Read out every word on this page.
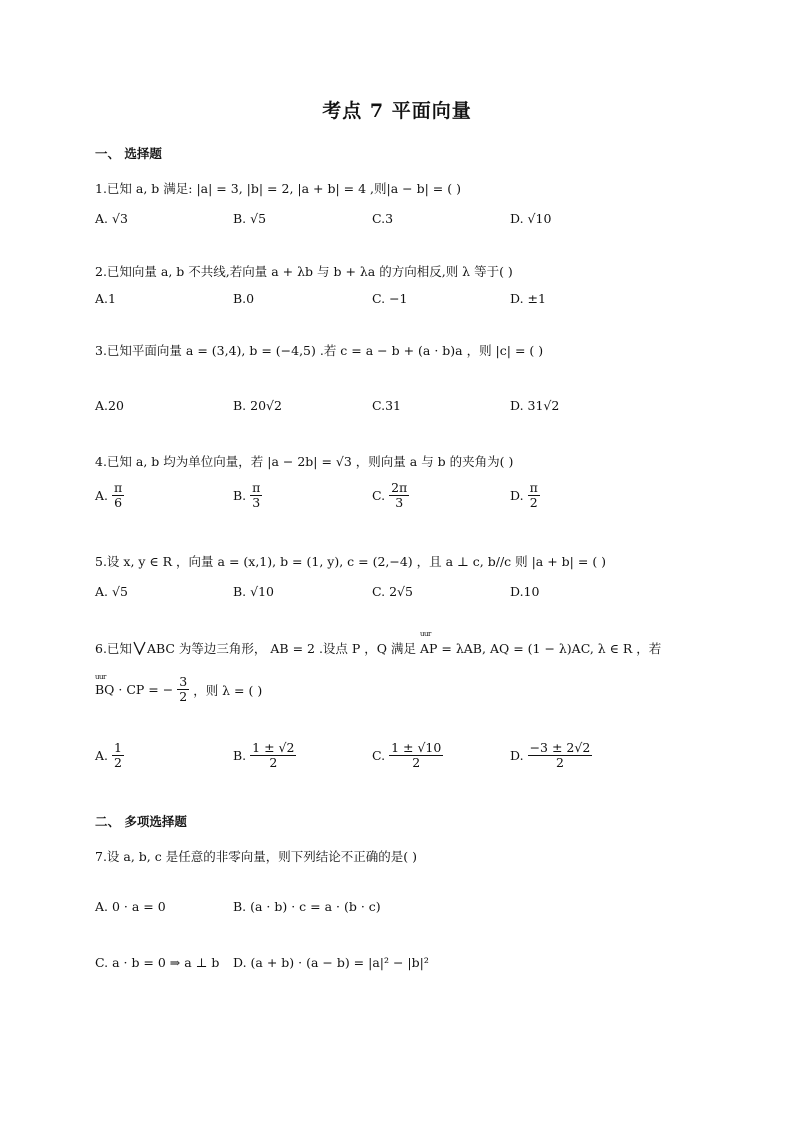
考点 7 平面向量
一、 选择题
1.已知 a, b 满足: |a| = 3, |b| = 2, |a + b| = 4 ,则|a − b| = ( )
A. √3	B. √5	C.3	D. √10
2.已知向量 a, b 不共线,若向量 a + λb 与 b + λa 的方向相反,则 λ 等于( )
A.1	B.0	C. −1	D. ±1
3.已知平面向量 a = (3,4), b = (−4,5) .若 c = a − b + (a · b)a ，则 |c| = ( )
A.20	B. 20√2	C.31	D. 31√2
4.已知 a, b 均为单位向量，若 |a − 2b| = √3 ，则向量 a 与 b 的夹角为( )
A. $\frac{\pi}{6}$	B. $\frac{\pi}{3}$	C. $\frac{2\pi}{3}$	D. $\frac{\pi}{2}$
5.设 x, y ∈ R ，向量 a = (x,1), b = (1, y), c = (2,−4) ，且 a ⊥ c, b//c 则 |a + b| = ( )
A. √5	B. √10	C. 2√5	D.10
6.已知 ABC 为等边三角形， AB = 2 .设点 P ，Q 满足 uur AP = λAB, AQ = (1 − λ)AC, λ ∈ R ，若
uur BQ · CP = − $\frac{3}{2}$ ，则 λ = ( )
A. $\frac{1}{2}$	B. $\frac{1 \pm √2}{2}$	C. $\frac{1 \pm √10}{2}$	D. $\frac{-3 \pm 2√2}{2}$
二、 多项选择题
7.设 a, b, c 是任意的非零向量，则下列结论不正确的是( )
A. 0 · a = 0	B. (a · b) · c = a · (b · c)
C. a · b = 0 ⇒ a ⊥ b D. (a + b) · (a − b) = |a|² − |b|²
